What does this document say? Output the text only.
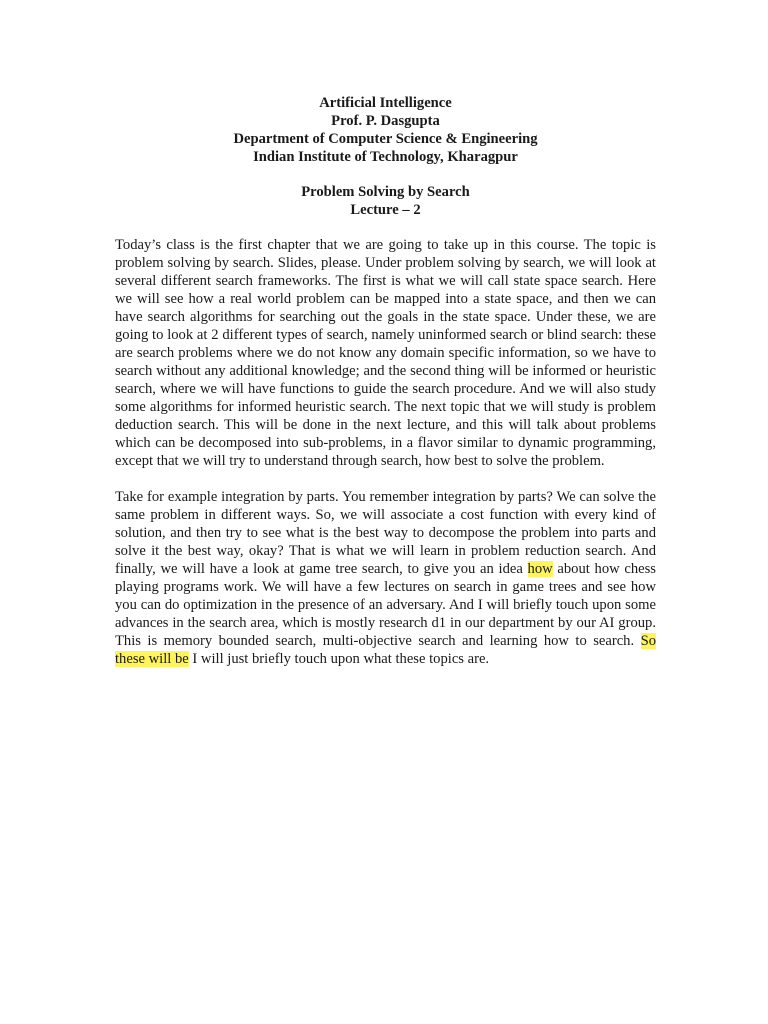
Artificial Intelligence
Prof. P. Dasgupta
Department of Computer Science & Engineering
Indian Institute of Technology, Kharagpur
Problem Solving by Search
Lecture – 2

Today’s class is the first chapter that we are going to take up in this course. The topic is problem solving by search. Slides, please. Under problem solving by search, we will look at several different search frameworks. The first is what we will call state space search. Here we will see how a real world problem can be mapped into a state space, and then we can have search algorithms for searching out the goals in the state space. Under these, we are going to look at 2 different types of search, namely uninformed search or blind search: these are search problems where we do not know any domain specific information, so we have to search without any additional knowledge; and the second thing will be informed or heuristic search, where we will have functions to guide the search procedure. And we will also study some algorithms for informed heuristic search. The next topic that we will study is problem deduction search. This will be done in the next lecture, and this will talk about problems which can be decomposed into sub-problems, in a flavor similar to dynamic programming, except that we will try to understand through search, how best to solve the problem.

Take for example integration by parts. You remember integration by parts? We can solve the same problem in different ways. So, we will associate a cost function with every kind of solution, and then try to see what is the best way to decompose the problem into parts and solve it the best way, okay? That is what we will learn in problem reduction search. And finally, we will have a look at game tree search, to give you an idea how about how chess playing programs work. We will have a few lectures on search in game trees and see how you can do optimization in the presence of an adversary. And I will briefly touch upon some advances in the search area, which is mostly research d1 in our department by our AI group. This is memory bounded search, multi-objective search and learning how to search. So these will be I will just briefly touch upon what these topics are.
